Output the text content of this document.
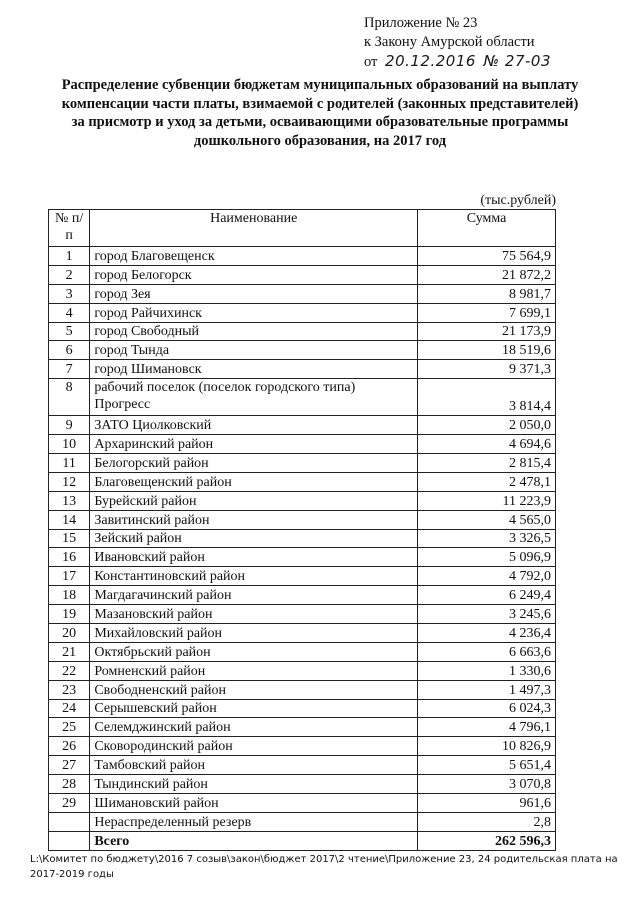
Приложение № 23
к Закону Амурской области
от 20.12.2016 № 27-03
Распределение субвенции бюджетам муниципальных образований на выплату компенсации части платы, взимаемой с родителей (законных представителей) за присмотр и уход за детьми, осваивающими образовательные программы дошкольного образования, на 2017 год
(тыс.рублей)
№ п/п	Наименование	Сумма
1	город Благовещенск	75 564,9
2	город Белогорск	21 872,2
3	город Зея	8 981,7
4	город Райчихинск	7 699,1
5	город Свободный	21 173,9
6	город Тында	18 519,6
7	город Шимановск	9 371,3
8	рабочий поселок (поселок городского типа) Прогресс	3 814,4
9	ЗАТО Циолковский	2 050,0
10	Архаринский район	4 694,6
11	Белогорский район	2 815,4
12	Благовещенский район	2 478,1
13	Бурейский район	11 223,9
14	Завитинский район	4 565,0
15	Зейский район	3 326,5
16	Ивановский район	5 096,9
17	Константиновский район	4 792,0
18	Магдагачинский район	6 249,4
19	Мазановский район	3 245,6
20	Михайловский район	4 236,4
21	Октябрьский район	6 663,6
22	Ромненский район	1 330,6
23	Свободненский район	1 497,3
24	Серышевский район	6 024,3
25	Селемджинский район	4 796,1
26	Сковородинский район	10 826,9
27	Тамбовский район	5 651,4
28	Тындинский район	3 070,8
29	Шимановский район	961,6
	Нераспределенный резерв	2,8
	Всего	262 596,3
L:\Комитет по бюджету\2016 7 созыв\закон\бюджет 2017\2 чтение\Приложение 23, 24 родительская плата на 2017-2019 годы
